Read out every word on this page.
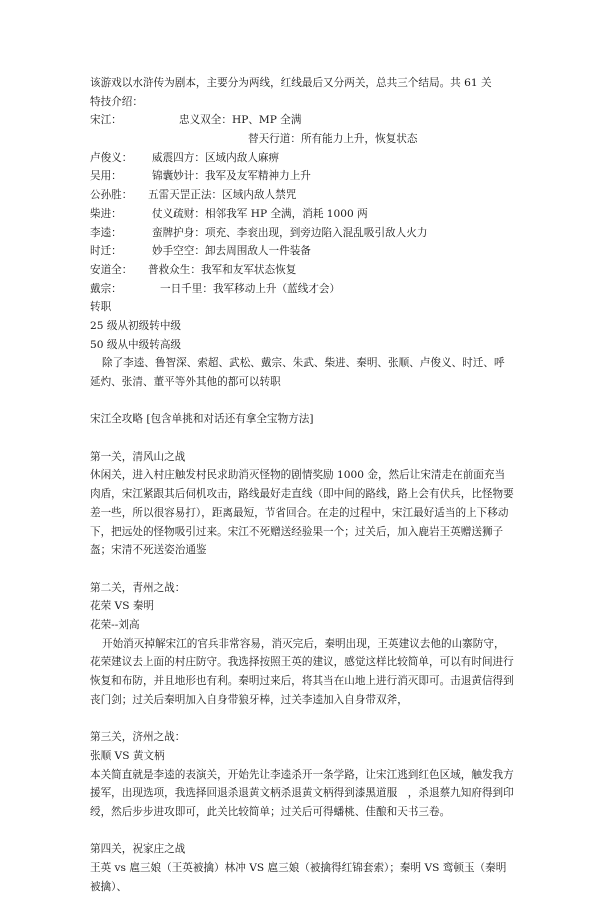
该游戏以水浒传为剧本，主要分为两线，红线最后又分两关，总共三个结局。共 61 关
特技介绍：
宋江：	忠义双全：HP、MP 全满
替天行道：所有能力上升，恢复状态
卢俊义：	威震四方：区域内敌人麻痹
吴用：	锦囊妙计：我军及友军精神力上升
公孙胜：	五雷天罡正法：区域内敌人禁咒
柴进：	仗义疏财：相邻我军 HP 全满，消耗 1000 两
李逵：	蛮牌护身：项充、李衮出现，到旁边陷入混乱吸引敌人火力
时迁：	妙手空空：卸去周围敌人一件装备
安道全：	普救众生：我军和友军状态恢复
戴宗：	一日千里：我军移动上升（蓝线才会）
转职
25 级从初级转中级
50 级从中级转高级
除了李逵、鲁智深、索超、武松、戴宗、朱武、柴进、秦明、张顺、卢俊义、时迁、呼延灼、张清、董平等外其他的都可以转职
宋江全攻略 [包含单挑和对话还有拿全宝物方法]
第一关，清风山之战
休闲关，进入村庄触发村民求助消灭怪物的剧情奖励 1000 金，然后让宋清走在前面充当肉盾，宋江紧跟其后伺机攻击，路线最好走直线（即中间的路线，路上会有伏兵，比怪物要差一些，所以很容易打），距离最短，节省回合。在走的过程中，宋江最好适当的上下移动下，把远处的怪物吸引过来。宋江不死赠送经验果一个；过关后，加入鹿岩王英赠送狮子盔；宋清不死送姿治通鉴
第二关，青州之战：
花荣 VS 秦明
花荣--刘高
开始消灭掉解宋江的官兵非常容易，消灭完后，秦明出现，王英建议去他的山寨防守，花荣建议去上面的村庄防守。我选择按照王英的建议，感觉这样比较简单，可以有时间进行恢复和布防，并且地形也有利。秦明过来后，将其当在山地上进行消灭即可。击退黄信得到丧门剑；过关后秦明加入自身带狼牙棒，过关李逵加入自身带双斧，
第三关，济州之战：
张顺 VS 黄文柄
本关简直就是李逵的表演关，开始先让李逵杀开一条学路，让宋江逃到红色区域，触发我方援军，出现选项，我选择回退杀退黄文柄杀退黄文柄得到漆黑道服　，杀退蔡九知府得到印绶，然后步步进攻即可，此关比较简单；过关后可得蟠桃、佳酿和天书三卷。
第四关，祝家庄之战
王英 vs 扈三娘（王英被擒）林冲 VS 扈三娘（被擒得红锦套索）；秦明 VS 鸾顿玉（秦明被擒）、
